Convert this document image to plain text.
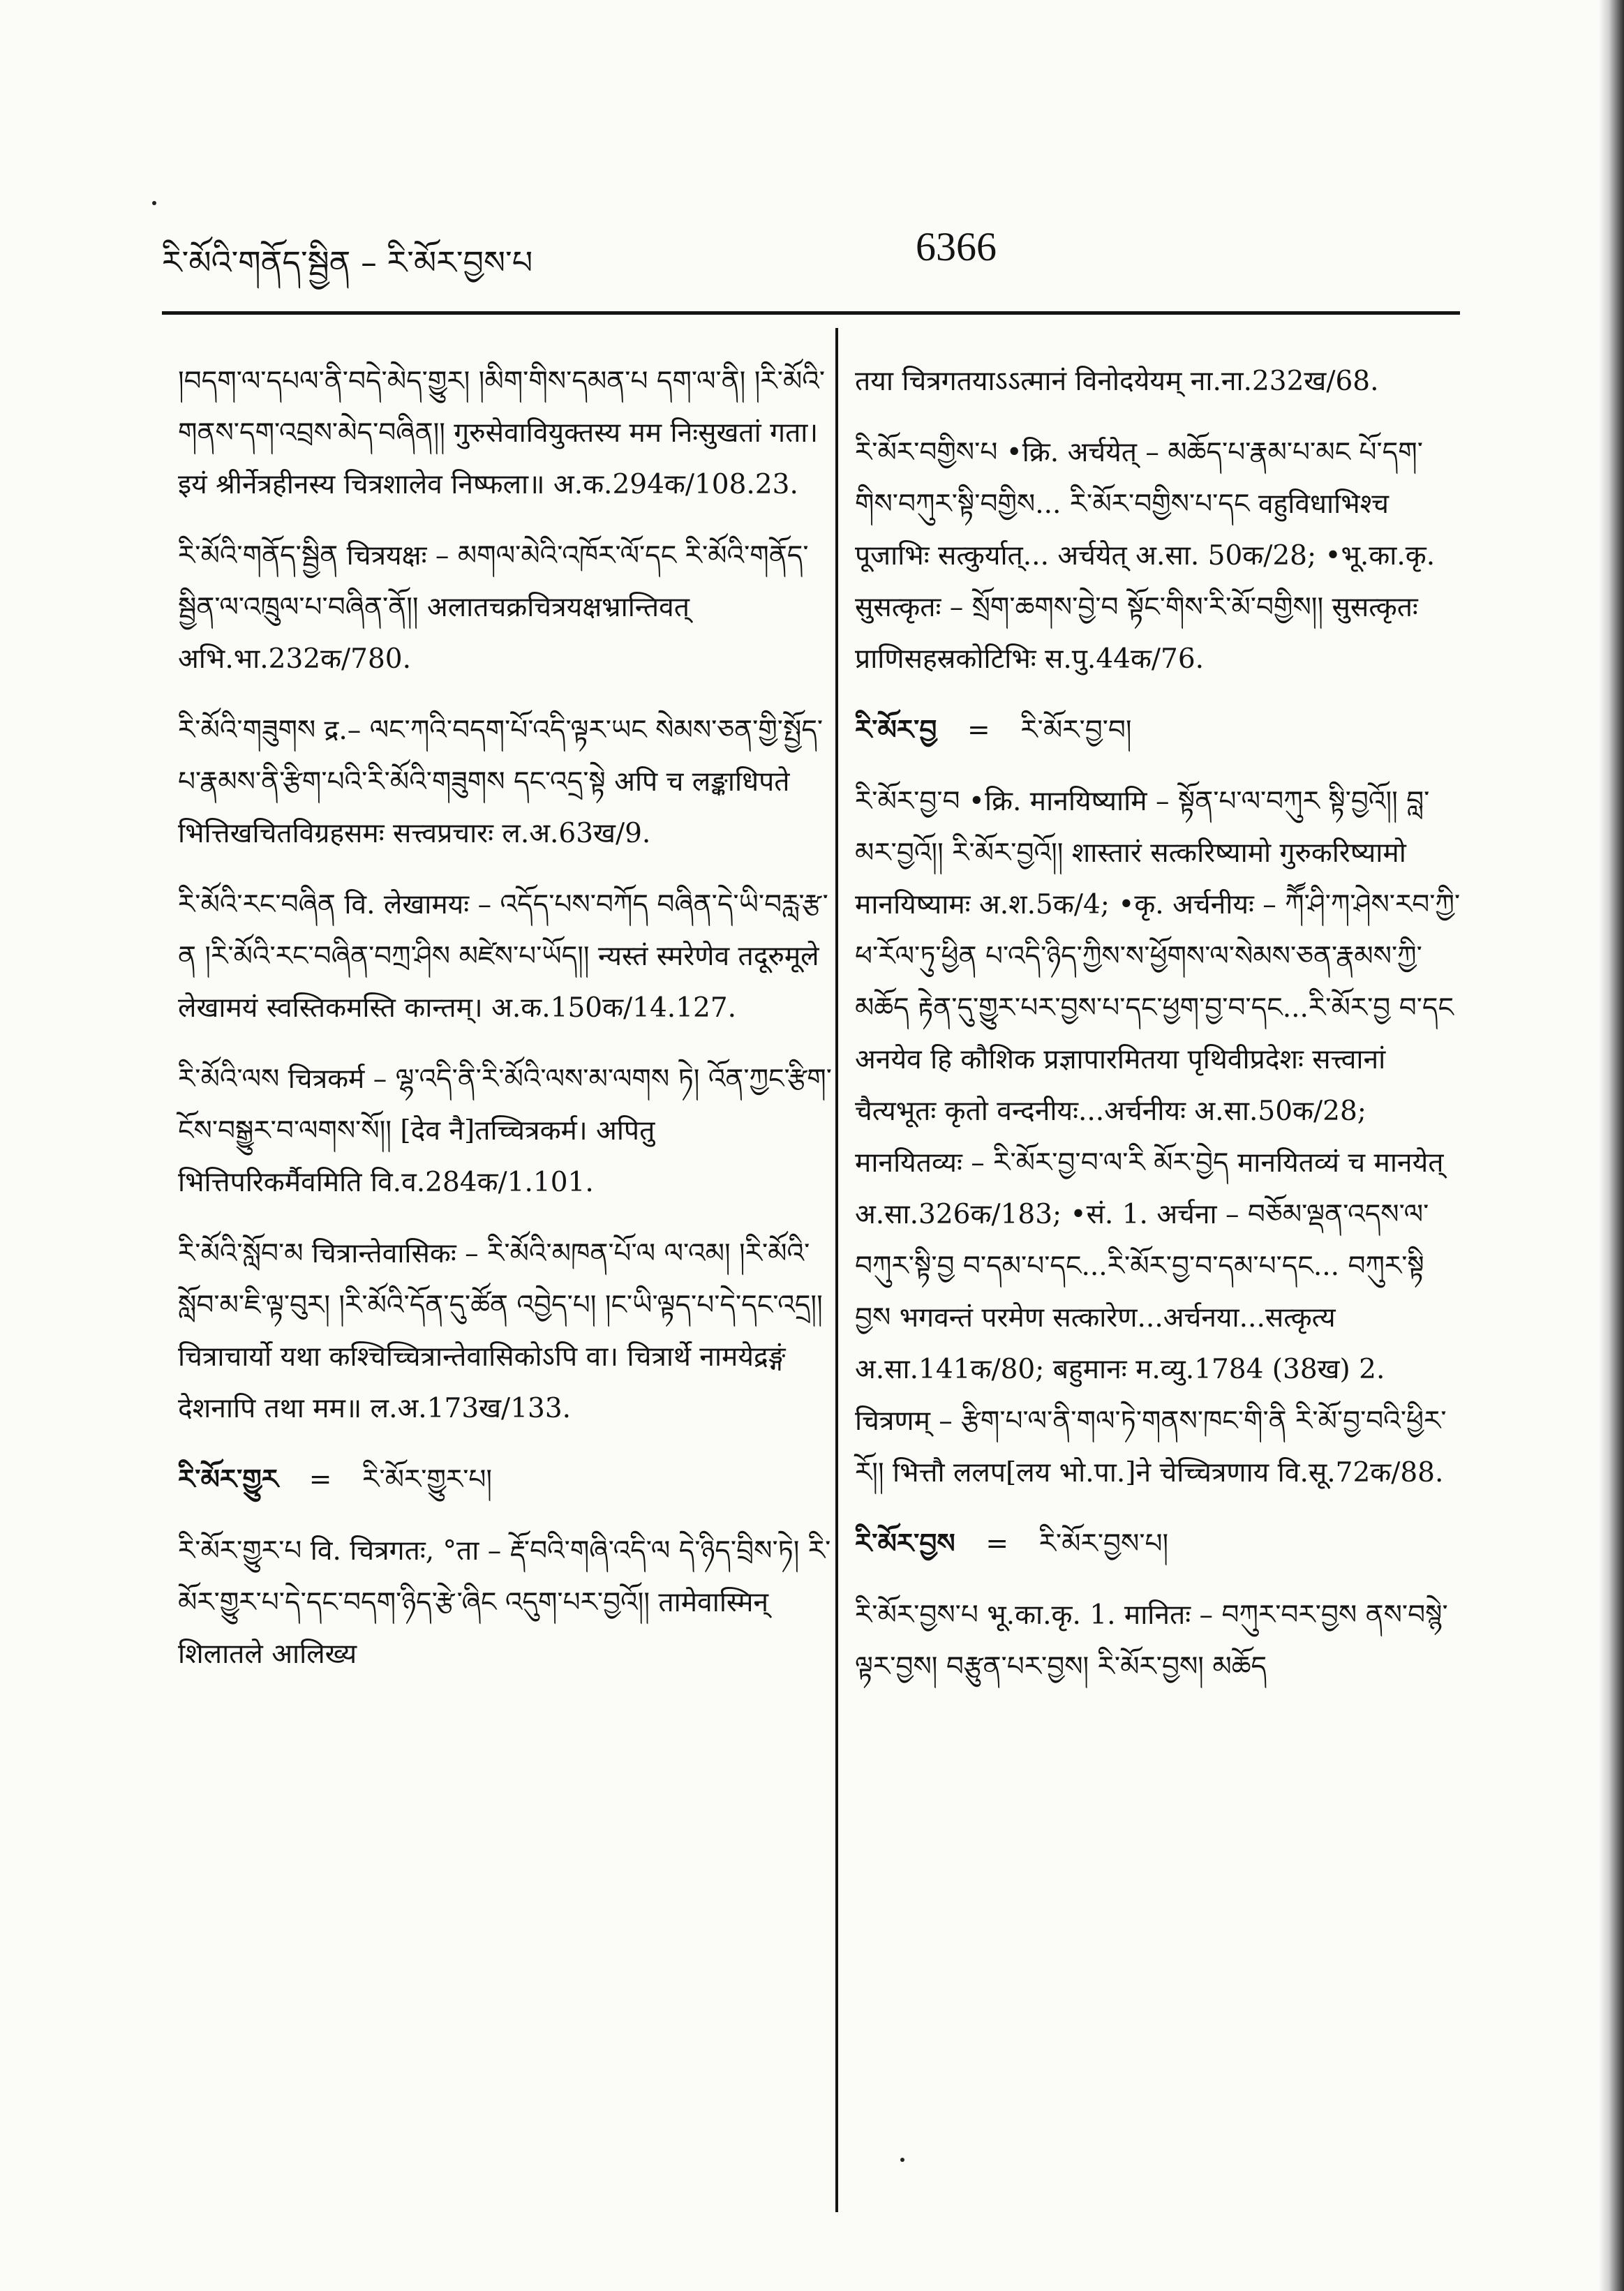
རི་མོའི་གནོད་སྦྱིན – རི་མོར་བྱས་པ	6366

།བདག་ལ་དཔལ་ནི་བདེ་མེད་གྱུར། །མིག་གིས་དམན་པ དག་ལ་ནི། །རི་མོའི་གནས་དག་འབྲས་མེད་བཞིན།། गुरुसेवावियुक्तस्य मम निःसुखतां गता। इयं श्रीर्नेत्रहीनस्य चित्रशालेव निष्फला॥ अ.क.294क/108.23.

རི་མོའི་གནོད་སྦྱིན चित्रयक्षः – མགལ་མེའི་འཁོར་ལོ་དང རི་མོའི་གནོད་སྦྱིན་ལ་འཁྲུལ་པ་བཞིན་ནོ།། अलातचक्रचित्रयक्षभ्रान्तिवत् अभि.भा.232क/780.

རི་མོའི་གཟུགས द्र.– ལང་ཀའི་བདག་པོ་འདི་ལྟར་ཡང སེམས་ཅན་གྱི་སྤྱོད་པ་རྣམས་ནི་རྩིག་པའི་རི་མོའི་གཟུགས དང་འདྲ་སྟེ अपि च लङ्काधिपते भित्तिखचितविग्रहसमः सत्त्वप्रचारः ल.अ.63ख/9.

རི་མོའི་རང་བཞིན वि. लेखामयः – འདོད་པས་བཀོད བཞིན་དེ་ཡི་བརླ་རྩ་ན །རི་མོའི་རང་བཞིན་བཀྲ་ཤིས མཛེས་པ་ཡོད།། न्यस्तं स्मरेणेव तदूरुमूले लेखामयं स्वस्तिकमस्ति कान्तम्। अ.क.150क/14.127.

རི་མོའི་ལས चित्रकर्म – ལྷ་འདི་ནི་རི་མོའི་ལས་མ་ལགས ཏེ། འོན་ཀྱང་རྩིག་ངོས་བསྒྱུར་བ་ལགས་སོ།། [देव नै]तच्चित्रकर्म। अपितु भित्तिपरिकर्मैवमिति वि.व.284क/1.101.

རི་མོའི་སློབ་མ चित्रान्तेवासिकः – རི་མོའི་མཁན་པོ་ལ ལ་འམ། །རི་མོའི་སློབ་མ་ཇི་ལྟ་བུར། །རི་མོའི་དོན་དུ་ཚོན འབྱེད་པ། །ང་ཡི་ལྟད་པ་དེ་དང་འདྲ།། चित्राचार्यो यथा कश्चिच्चित्रान्तेवासिकोऽपि वा। चित्रार्थे नामयेद्रङ्गं देशनापि तथा मम॥ ल.अ.173ख/133.

རི་མོར་གྱུར	=	རི་མོར་གྱུར་པ།

རི་མོར་གྱུར་པ वि. चित्रगतः, °ता – རྡོ་བའི་གཞི་འདི་ལ དེ་ཉིད་བྲིས་ཏེ། རི་མོར་གྱུར་པ་དེ་དང་བདག་ཉིད་རྩེ་ཞིང འདུག་པར་བྱའོ།། तामेवास्मिन् शिलातले आलिख्य

तया चित्रगतयाऽऽत्मानं विनोदयेयम् ना.ना.232ख/68.

རི་མོར་བགྱིས་པ •क्रि. अर्चयेत् – མཆོད་པ་རྣམ་པ་མང པོ་དག་གིས་བཀུར་སྟི་བགྱིས... རི་མོར་བགྱིས་པ་དང वहुविधाभिश्च पूजाभिः सत्कुर्यात्... अर्चयेत् अ.सा. 50क/28; •भू.का.कृ. सुसत्कृतः – སྲོག་ཆགས་བྱེ་བ སྟོང་གིས་རི་མོ་བགྱིས།། सुसत्कृतः प्राणिसहस्रकोटिभिः स.पु.44क/76.

རི་མོར་བྱ	=	རི་མོར་བྱ་བ།

རི་མོར་བྱ་བ •क्रि. मानयिष्यामि – སྟོན་པ་ལ་བཀུར སྟི་བྱའོ།། བླ་མར་བྱའོ།། རི་མོར་བྱའོ།། शास्तारं सत्करिष्यामो गुरुकरिष्यामो मानयिष्यामः अ.श.5क/4; •कृ. अर्चनीयः – ཀཽ་ཤི་ཀ་ཤེས་རབ་ཀྱི་ཕ་རོལ་ཏུ་ཕྱིན པ་འདི་ཉིད་ཀྱིས་ས་ཕྱོགས་ལ་སེམས་ཅན་རྣམས་ཀྱི་མཆོད རྟེན་དུ་གྱུར་པར་བྱས་པ་དང་ཕྱག་བྱ་བ་དང...རི་མོར་བྱ བ་དང अनयेव हि कौशिक प्रज्ञापारमितया पृथिवीप्रदेशः सत्त्वानां चैत्यभूतः कृतो वन्दनीयः...अर्चनीयः अ.सा.50क/28; मानयितव्यः – རི་མོར་བྱ་བ་ལ་རི མོར་བྱེད मानयितव्यं च मानयेत् अ.सा.326क/183; •सं. 1. अर्चना – བཅོམ་ལྡན་འདས་ལ་བཀུར་སྟི་བྱ བ་དམ་པ་དང...རི་མོར་བྱ་བ་དམ་པ་དང... བཀུར་སྟི བྱས भगवन्तं परमेण सत्कारेण...अर्चनया...सत्कृत्य अ.सा.141क/80; बहुमानः म.व्यु.1784 (38ख) 2. चित्रणम् – རྩིག་པ་ལ་ནི་གལ་ཏེ་གནས་ཁང་གི་ནི རི་མོ་བྱ་བའི་ཕྱིར་རོ།། भित्तौ ललप[लय भो.पा.]ने चेच्चित्रणाय वि.सू.72क/88.

རི་མོར་བྱས	=	རི་མོར་བྱས་པ།

རི་མོར་བྱས་པ भू.का.कृ. 1. मानितः – བཀུར་བར་བྱས ནས་བསྙེ་ལྟར་བྱས། བརྩུན་པར་བྱས། རི་མོར་བྱས། མཆོད
